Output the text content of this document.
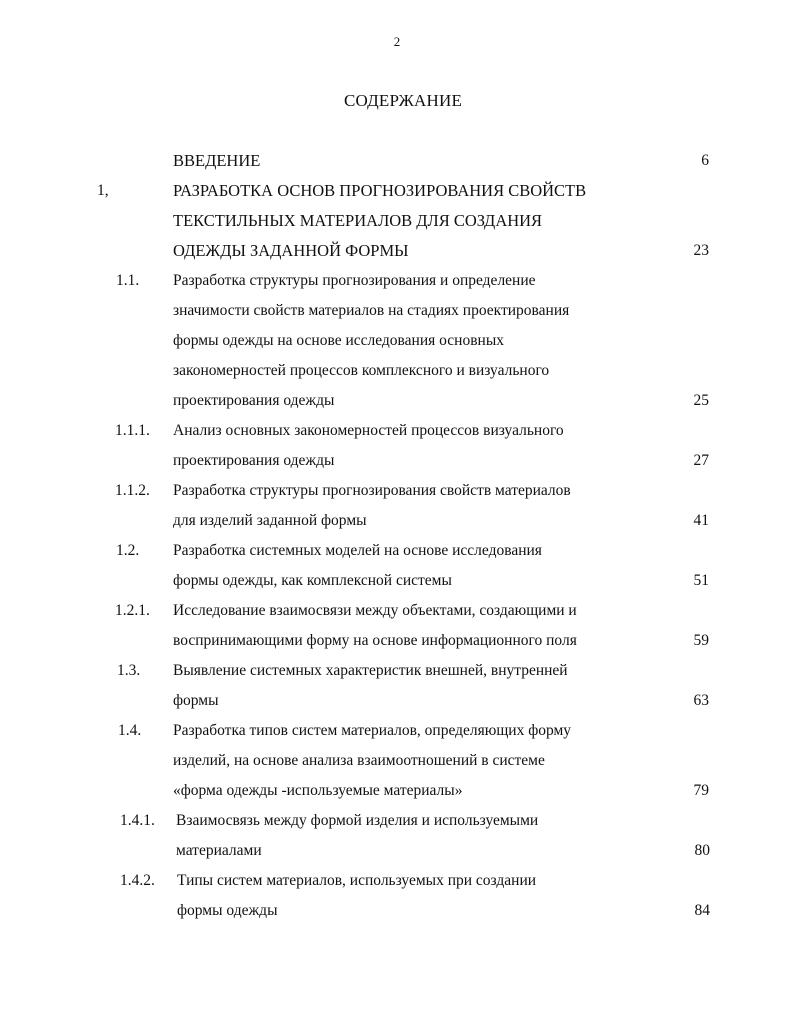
2
СОДЕРЖАНИЕ
ВВЕДЕНИЕ	6
1,	РАЗРАБОТКА ОСНОВ ПРОГНОЗИРОВАНИЯ СВОЙСТВ
ТЕКСТИЛЬНЫХ МАТЕРИАЛОВ ДЛЯ СОЗДАНИЯ
ОДЕЖДЫ ЗАДАННОЙ ФОРМЫ	23
1.1. Разработка структуры прогнозирования и определение
значимости свойств материалов на стадиях проектирования
формы одежды на основе исследования основных
закономерностей процессов комплексного и визуального
проектирования одежды	25
1.1.1. Анализ основных закономерностей процессов визуального
проектирования одежды	27
1.1.2. Разработка структуры прогнозирования свойств материалов
для изделий заданной формы	41
1.2. Разработка системных моделей на основе исследования
формы одежды, как комплексной системы	51
1.2.1. Исследование взаимосвязи между объектами, создающими и
воспринимающими форму на основе информационного поля	59
1.3. Выявление системных характеристик внешней, внутренней
формы	63
1.4. Разработка типов систем материалов, определяющих форму
изделий, на основе анализа взаимоотношений в системе
«форма одежды -используемые материалы»	79
1.4.1. Взаимосвязь между формой изделия и используемыми
материалами	80
1.4.2. Типы систем материалов, используемых при создании
формы одежды	84
